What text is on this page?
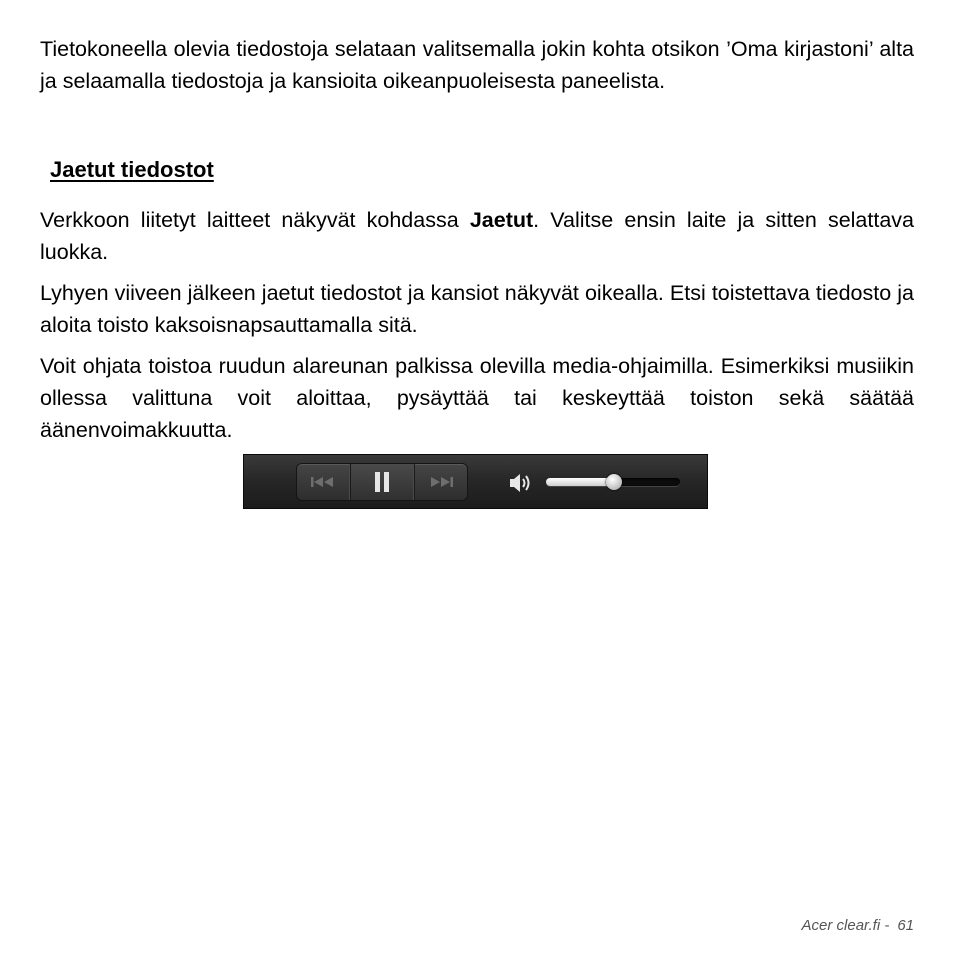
Tietokoneella olevia tiedostoja selataan valitsemalla jokin kohta otsikon ’Oma kirjastoni’ alta ja selaamalla tiedostoja ja kansioita oikeanpuoleisesta paneelista.

Jaetut tiedostot

Verkkoon liitetyt laitteet näkyvät kohdassa Jaetut. Valitse ensin laite ja sitten selattava luokka.

Lyhyen viiveen jälkeen jaetut tiedostot ja kansiot näkyvät oikealla. Etsi toistettava tiedosto ja aloita toisto kaksoisnapsauttamalla sitä.

Voit ohjata toistoa ruudun alareunan palkissa olevilla media-ohjaimilla. Esimerkiksi musiikin ollessa valittuna voit aloittaa, pysäyttää tai keskeyttää toiston sekä säätää äänenvoimakkuutta.

Acer clear.fi - 61
